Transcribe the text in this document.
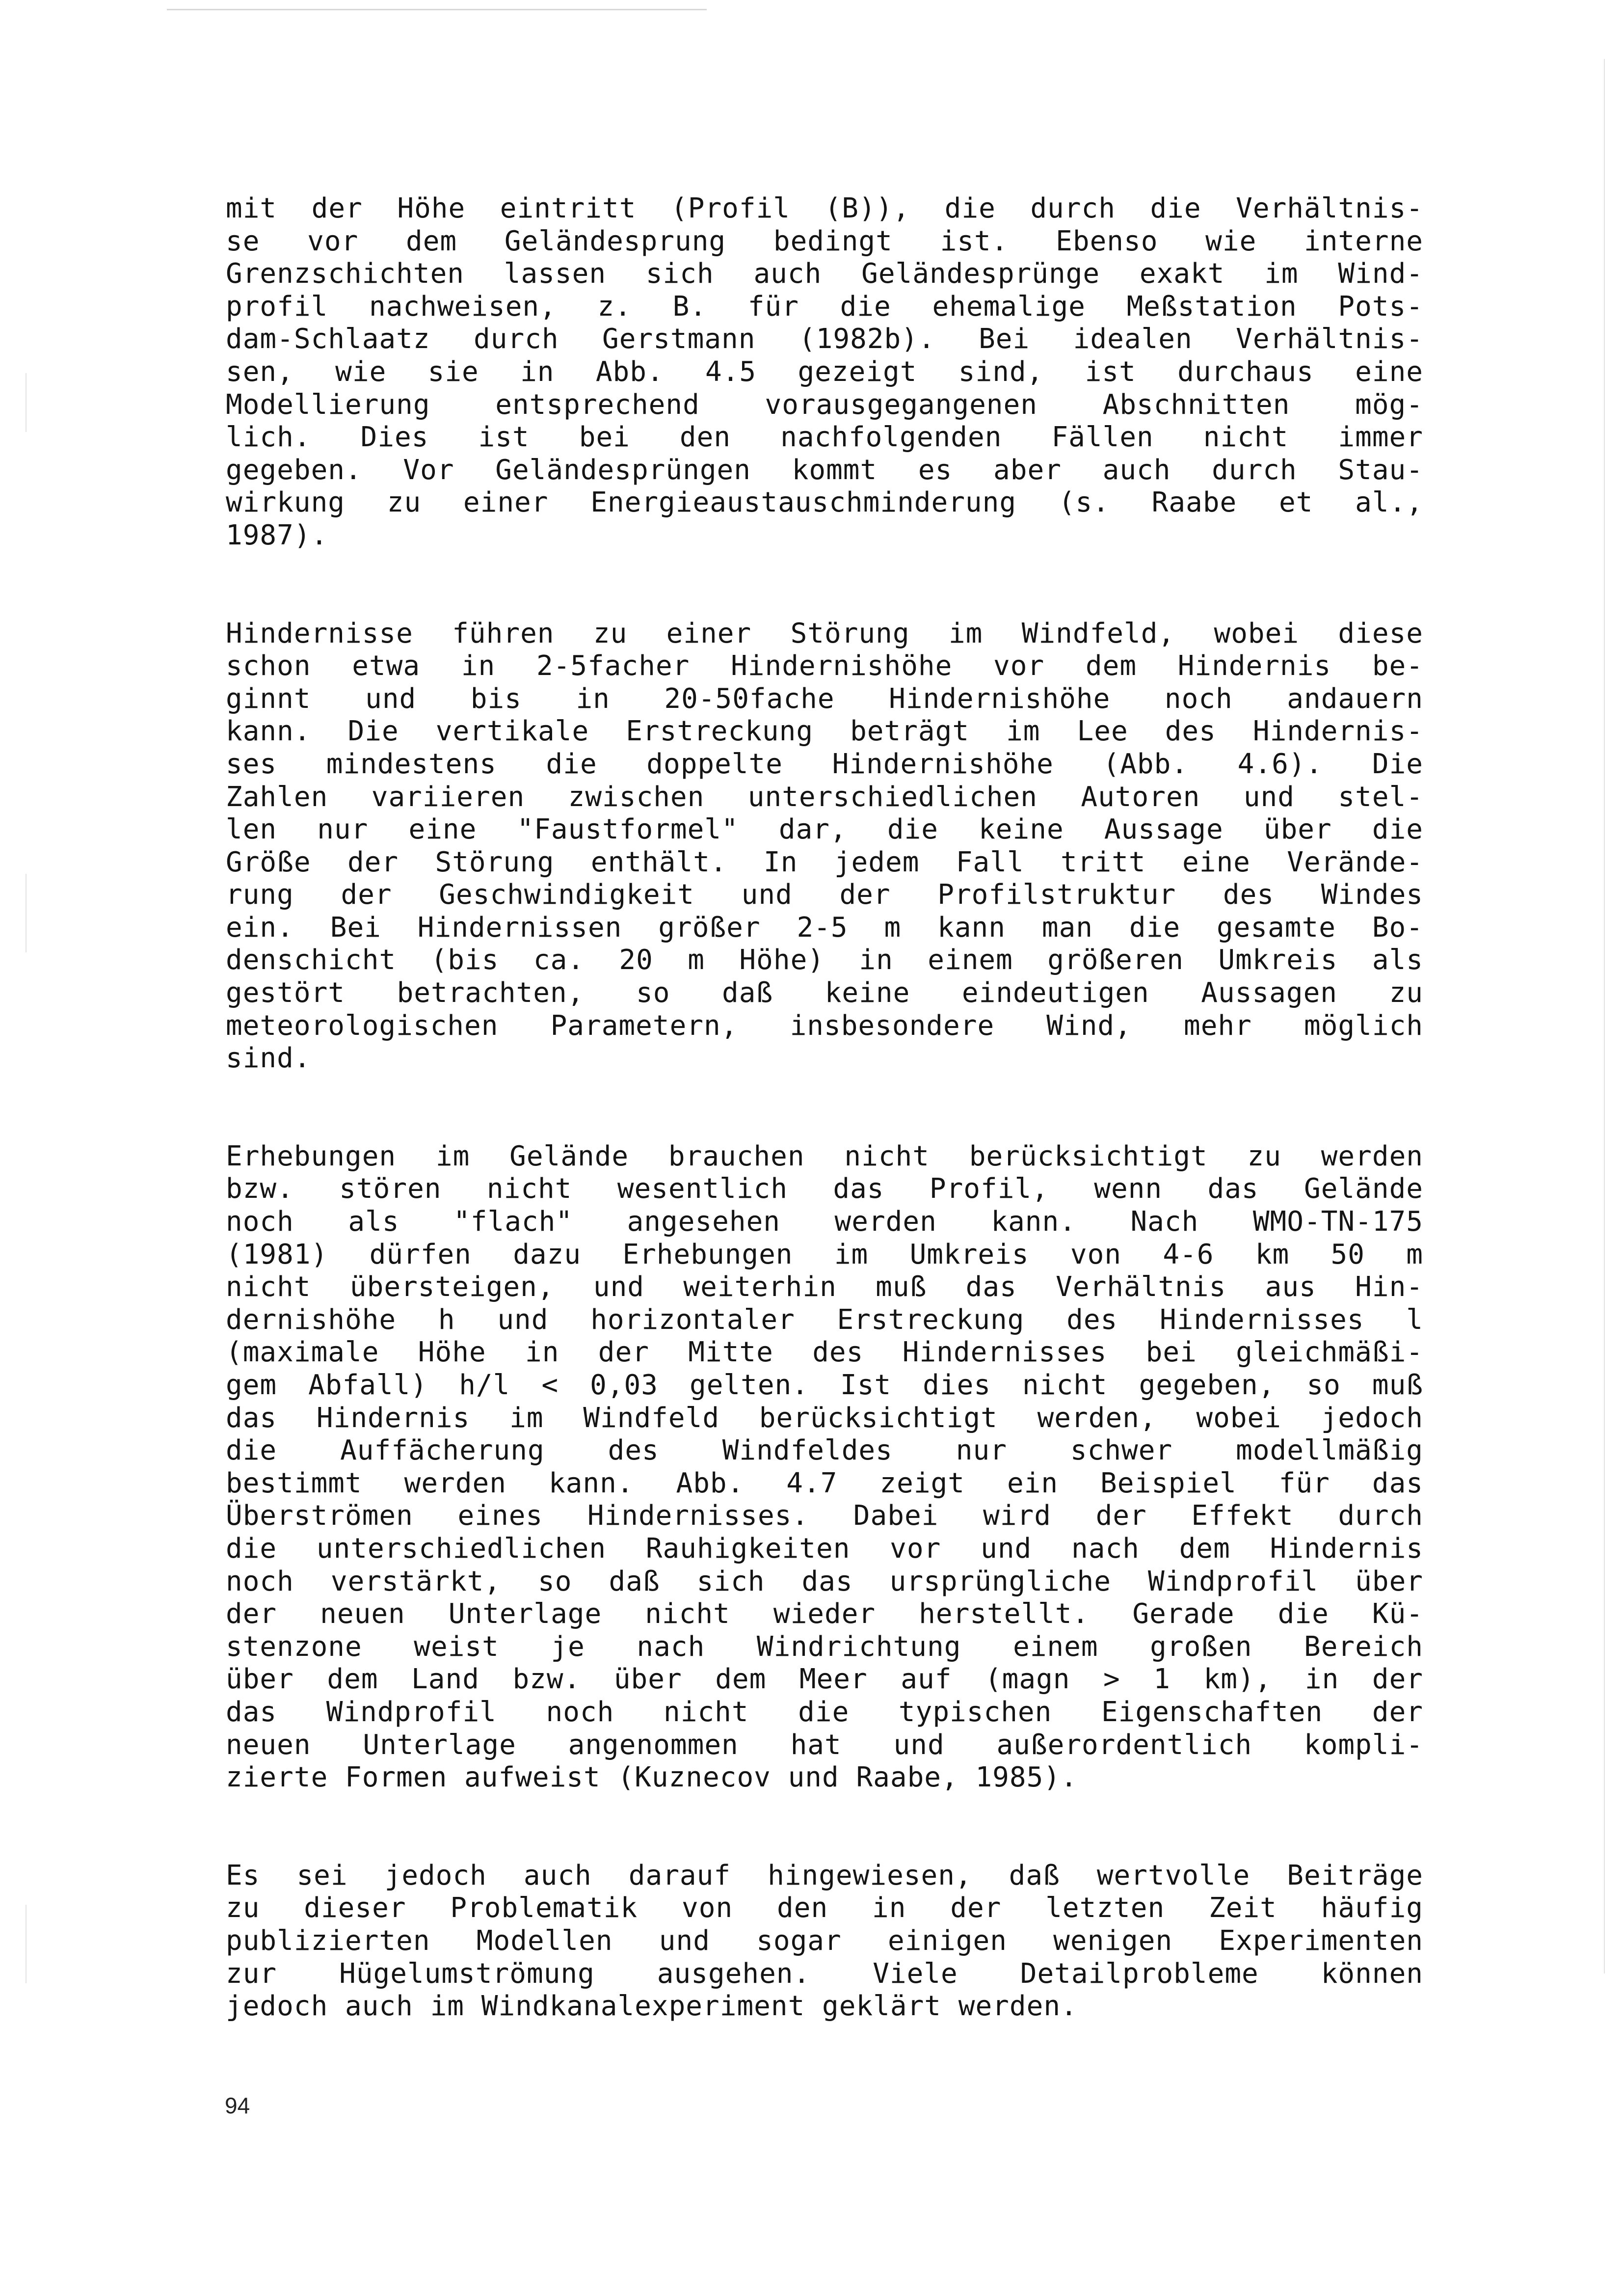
mit der Höhe eintritt (Profil (B)), die durch die Verhältnis-
se vor dem Geländesprung bedingt ist. Ebenso wie interne
Grenzschichten lassen sich auch Geländesprünge exakt im Wind-
profil nachweisen, z. B. für die ehemalige Meßstation Pots-
dam-Schlaatz durch Gerstmann (1982b). Bei idealen Verhältnis-
sen, wie sie in Abb. 4.5 gezeigt sind, ist durchaus eine
Modellierung entsprechend vorausgegangenen Abschnitten mög-
lich. Dies ist bei den nachfolgenden Fällen nicht immer
gegeben. Vor Geländesprüngen kommt es aber auch durch Stau-
wirkung zu einer Energieaustauschminderung (s. Raabe et al.,
1987).
Hindernisse führen zu einer Störung im Windfeld, wobei diese
schon etwa in 2-5facher Hindernishöhe vor dem Hindernis be-
ginnt und bis in 20-50fache Hindernishöhe noch andauern
kann. Die vertikale Erstreckung beträgt im Lee des Hindernis-
ses mindestens die doppelte Hindernishöhe (Abb. 4.6). Die
Zahlen variieren zwischen unterschiedlichen Autoren und stel-
len nur eine "Faustformel" dar, die keine Aussage über die
Größe der Störung enthält. In jedem Fall tritt eine Verände-
rung der Geschwindigkeit und der Profilstruktur des Windes
ein. Bei Hindernissen größer 2-5 m kann man die gesamte Bo-
denschicht (bis ca. 20 m Höhe) in einem größeren Umkreis als
gestört betrachten, so daß keine eindeutigen Aussagen zu
meteorologischen Parametern, insbesondere Wind, mehr möglich
sind.
Erhebungen im Gelände brauchen nicht berücksichtigt zu werden
bzw. stören nicht wesentlich das Profil, wenn das Gelände
noch als "flach" angesehen werden kann. Nach WMO-TN-175
(1981) dürfen dazu Erhebungen im Umkreis von 4-6 km 50 m
nicht übersteigen, und weiterhin muß das Verhältnis aus Hin-
dernishöhe h und horizontaler Erstreckung des Hindernisses l
(maximale Höhe in der Mitte des Hindernisses bei gleichmäßi-
gem Abfall) h/l < 0,03 gelten. Ist dies nicht gegeben, so muß
das Hindernis im Windfeld berücksichtigt werden, wobei jedoch
die Auffächerung des Windfeldes nur schwer modellmäßig
bestimmt werden kann. Abb. 4.7 zeigt ein Beispiel für das
Überströmen eines Hindernisses. Dabei wird der Effekt durch
die unterschiedlichen Rauhigkeiten vor und nach dem Hindernis
noch verstärkt, so daß sich das ursprüngliche Windprofil über
der neuen Unterlage nicht wieder herstellt. Gerade die Kü-
stenzone weist je nach Windrichtung einem großen Bereich
über dem Land bzw. über dem Meer auf (magn > 1 km), in der
das Windprofil noch nicht die typischen Eigenschaften der
neuen Unterlage angenommen hat und außerordentlich kompli-
zierte Formen aufweist (Kuznecov und Raabe, 1985).
Es sei jedoch auch darauf hingewiesen, daß wertvolle Beiträge
zu dieser Problematik von den in der letzten Zeit häufig
publizierten Modellen und sogar einigen wenigen Experimenten
zur Hügelumströmung ausgehen. Viele Detailprobleme können
jedoch auch im Windkanalexperiment geklärt werden.
94
